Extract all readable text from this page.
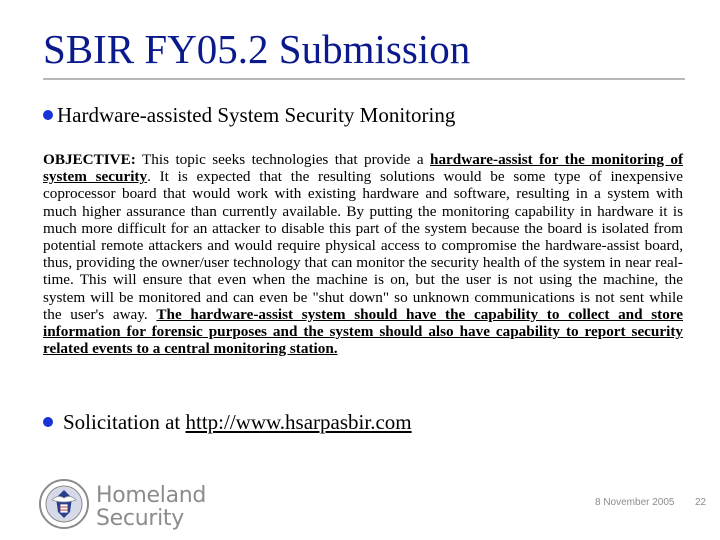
SBIR FY05.2 Submission
Hardware-assisted System Security Monitoring
OBJECTIVE: This topic seeks technologies that provide a hardware-assist for the monitoring of system security. It is expected that the resulting solutions would be some type of inexpensive coprocessor board that would work with existing hardware and software, resulting in a system with much higher assurance than currently available. By putting the monitoring capability in hardware it is much more difficult for an attacker to disable this part of the system because the board is isolated from potential remote attackers and would require physical access to compromise the hardware-assist board, thus, providing the owner/user technology that can monitor the security health of the system in near real-time. This will ensure that even when the machine is on, but the user is not using the machine, the system will be monitored and can even be "shut down" so unknown communications is not sent while the user's away. The hardware-assist system should have the capability to collect and store information for forensic purposes and the system should also have capability to report security related events to a central monitoring station.
Solicitation at
http://www.hsarpasbir.com
Homeland
Security
8 November 2005 22
